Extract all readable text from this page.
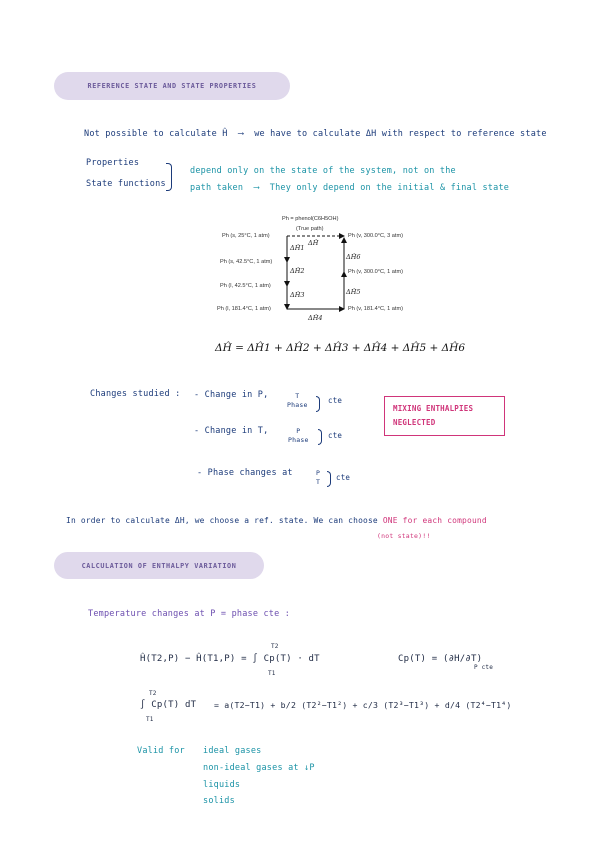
REFERENCE STATE AND STATE PROPERTIES
Not possible to calculate Ĥ  ⟶  we have to calculate ΔH with respect to reference state
Properties
State functions
depend only on the state of the system, not on the
path taken  ⟶  They only depend on the initial & final state
Ph = phenol(C6H5OH)
(True path)
Ph (s, 25°C, 1 atm)
Ph (s, 42.5°C, 1 atm)
Ph (l, 42.5°C, 1 atm)
Ph (l, 181.4°C, 1 atm)
Ph (v, 300.0°C, 3 atm)
Ph (v, 300.0°C, 1 atm)
Ph (v, 181.4°C, 1 atm)
ΔĤ
ΔĤ1
ΔĤ2
ΔĤ3
ΔĤ4
ΔĤ5
ΔĤ6
ΔĤ = ΔĤ1 + ΔĤ2 + ΔĤ3 + ΔĤ4 + ΔĤ5 + ΔĤ6
Changes studied : - Change in P,	T
Phase	cte
- Change in T,	P
Phase	cte
- Phase changes at	P
T cte
MIXING ENTHALPIES NEGLECTED
In order to calculate ΔH, we choose a ref. state. We can choose ONE for each compound
(not state)!!
CALCULATION OF ENTHALPY VARIATION
Temperature changes at P = phase cte :
Ĥ(T2,P) − Ĥ(T1,P) = ∫ Cp(T) · dT
T2
T1
Cp(T) = (∂H/∂T)
P cte
∫ Cp(T) dT
T2
T1
= a(T2−T1) + b/2 (T2²−T1²) + c/3 (T2³−T1³) + d/4 (T2⁴−T1⁴)
Valid for ideal gases
non-ideal gases at ↓P
liquids
solids
